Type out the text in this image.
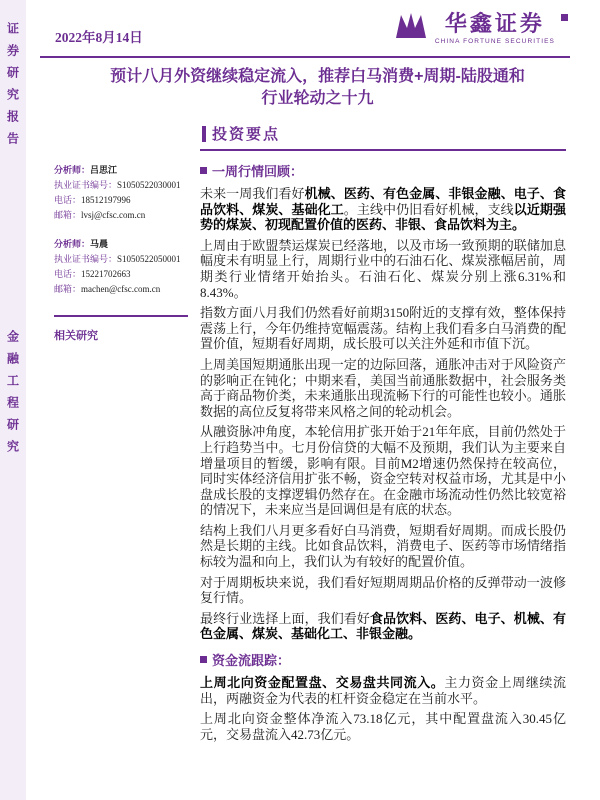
证券研究报告
金融工程研究
2022年8月14日
华鑫证券
CHINA FORTUNE SECURITIES
预计八月外资继续稳定流入，推荐白马消费+周期-陆股通和
行业轮动之十九
投资要点
分析师：吕思江
执业证书编号：S1050522030001
电话：18512197996
邮箱：lvsj@cfsc.com.cn
分析师：马晨
执业证书编号：S1050522050001
电话：15221702663
邮箱：machen@cfsc.com.cn
相关研究
一周行情回顾：

未来一周我们看好机械、医药、有色金属、非银金融、电子、食品饮料、煤炭、基础化工。主线中仍旧看好机械，支线以近期强势的煤炭、初现配置价值的医药、非银、食品饮料为主。

上周由于欧盟禁运煤炭已经落地，以及市场一致预期的联储加息幅度未有明显上行，周期行业中的石油石化、煤炭涨幅居前，周期类行业情绪开始抬头。石油石化、煤炭分别上涨6.31%和8.43%。

指数方面八月我们仍然看好前期3150附近的支撑有效，整体保持震荡上行，今年仍维持宽幅震荡。结构上我们看多白马消费的配置价值，短期看好周期，成长股可以关注外延和市值下沉。

上周美国短期通胀出现一定的边际回落，通胀冲击对于风险资产的影响正在钝化；中期来看，美国当前通胀数据中，社会服务类高于商品物价类，未来通胀出现流畅下行的可能性也较小。通胀数据的高位反复将带来风格之间的轮动机会。

从融资脉冲角度，本轮信用扩张开始于21年年底，目前仍然处于上行趋势当中。七月份信贷的大幅不及预期，我们认为主要来自增量项目的暂缓，影响有限。目前M2增速仍然保持在较高位，同时实体经济信用扩张不畅，资金空转对权益市场，尤其是中小盘成长股的支撑逻辑仍然存在。在金融市场流动性仍然比较宽裕的情况下，未来应当是回调但是有底的状态。

结构上我们八月更多看好白马消费，短期看好周期。而成长股仍然是长期的主线。比如食品饮料，消费电子、医药等市场情绪指标较为温和向上，我们认为有较好的配置价值。

对于周期板块来说，我们看好短期周期品价格的反弹带动一波修复行情。

最终行业选择上面，我们看好食品饮料、医药、电子、机械、有色金属、煤炭、基础化工、非银金融。

资金流跟踪：

上周北向资金配置盘、交易盘共同流入。主力资金上周继续流出，两融资金为代表的杠杆资金稳定在当前水平。

上周北向资金整体净流入73.18亿元，其中配置盘流入30.45亿元，交易盘流入42.73亿元。
